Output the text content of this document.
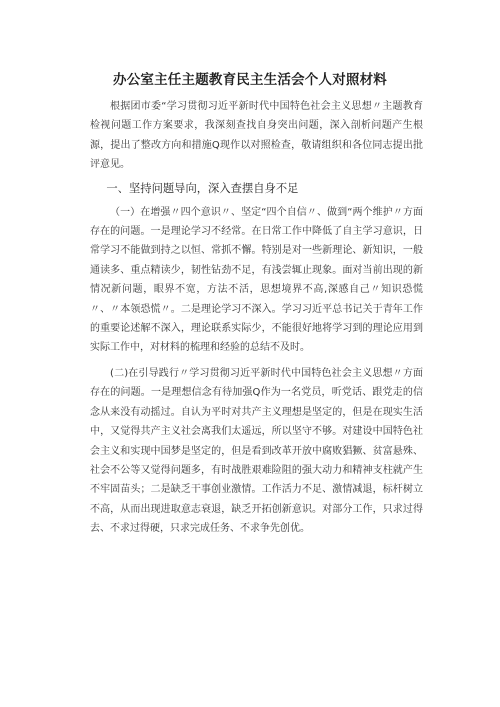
办公室主任主题教育民主生活会个人对照材料

根据团市委“学习贯彻习近平新时代中国特色社会主义思想〃主题教育检视问题工作方案要求，我深刻查找自身突出问题，深入剖析问题产生根源，提出了整改方向和措施Q现作以对照检查，敬请组织和各位同志提出批评意见。

一、坚持问题导向，深入查摆自身不足

（一）在增强〃四个意识〃、坚定“四个自信〃、做到“两个维护〃方面存在的问题。一是理论学习不经常。在日常工作中降低了自主学习意识，日常学习不能做到持之以恒、常抓不懈。特别是对一些新理论、新知识，一般通读多、重点精读少，韧性钻劲不足，有浅尝辄止现象。面对当前出现的新情况新问题，眼界不宽，方法不活，思想境界不高,深感自己〃知识恐慌〃、〃本领恐慌〃。二是理论学习不深入。学习习近平总书记关于青年工作的重要论述解不深入，理论联系实际少，不能很好地将学习到的理论应用到实际工作中，对材料的梳理和经验的总结不及时。

(二)在引导践行〃学习贯彻习近平新时代中国特色社会主义思想〃方面存在的问题。一是理想信念有待加强Q作为一名党员，听党话、跟党走的信念从来没有动摇过。自认为平时对共产主义理想是坚定的，但是在现实生活中，又觉得共产主义社会离我们太遥远，所以坚守不够。对建设中国特色社会主义和实现中国梦是坚定的，但是看到改革开放中腐败猖獗、贫富悬殊、社会不公等又觉得问题多，有时战胜艰难险阻的强大动力和精神支柱就产生不牢固苗头；二是缺乏干事创业激情。工作活力不足、激情减退，标杆树立不高，从而出现进取意志衰退，缺乏开拓创新意识。对部分工作，只求过得去、不求过得硬，只求完成任务、不求争先创优。
